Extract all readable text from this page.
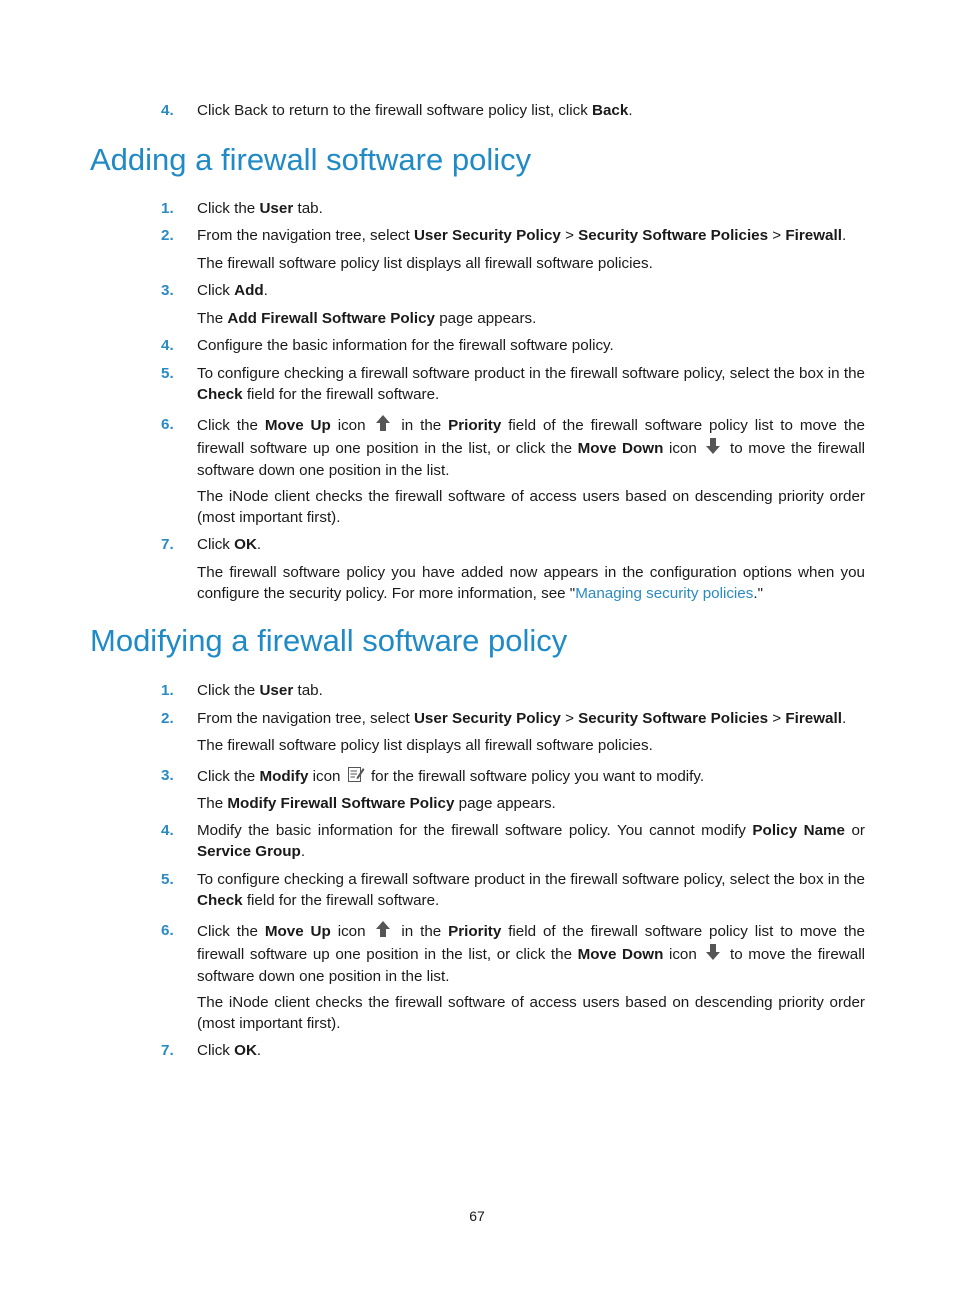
4. Click Back to return to the firewall software policy list, click Back.
Adding a firewall software policy
1. Click the User tab.
2. From the navigation tree, select User Security Policy > Security Software Policies > Firewall.
The firewall software policy list displays all firewall software policies.
3. Click Add.
The Add Firewall Software Policy page appears.
4. Configure the basic information for the firewall software policy.
5. To configure checking a firewall software product in the firewall software policy, select the box in the Check field for the firewall software.
6. Click the Move Up icon  in the Priority field of the firewall software policy list to move the firewall software up one position in the list, or click the Move Down icon  to move the firewall software down one position in the list.
The iNode client checks the firewall software of access users based on descending priority order (most important first).
7. Click OK.
The firewall software policy you have added now appears in the configuration options when you configure the security policy. For more information, see "Managing security policies."
Modifying a firewall software policy
1. Click the User tab.
2. From the navigation tree, select User Security Policy > Security Software Policies > Firewall.
The firewall software policy list displays all firewall software policies.
3. Click the Modify icon  for the firewall software policy you want to modify.
The Modify Firewall Software Policy page appears.
4. Modify the basic information for the firewall software policy. You cannot modify Policy Name or Service Group.
5. To configure checking a firewall software product in the firewall software policy, select the box in the Check field for the firewall software.
6. Click the Move Up icon  in the Priority field of the firewall software policy list to move the firewall software up one position in the list, or click the Move Down icon  to move the firewall software down one position in the list.
The iNode client checks the firewall software of access users based on descending priority order (most important first).
7. Click OK.
67
